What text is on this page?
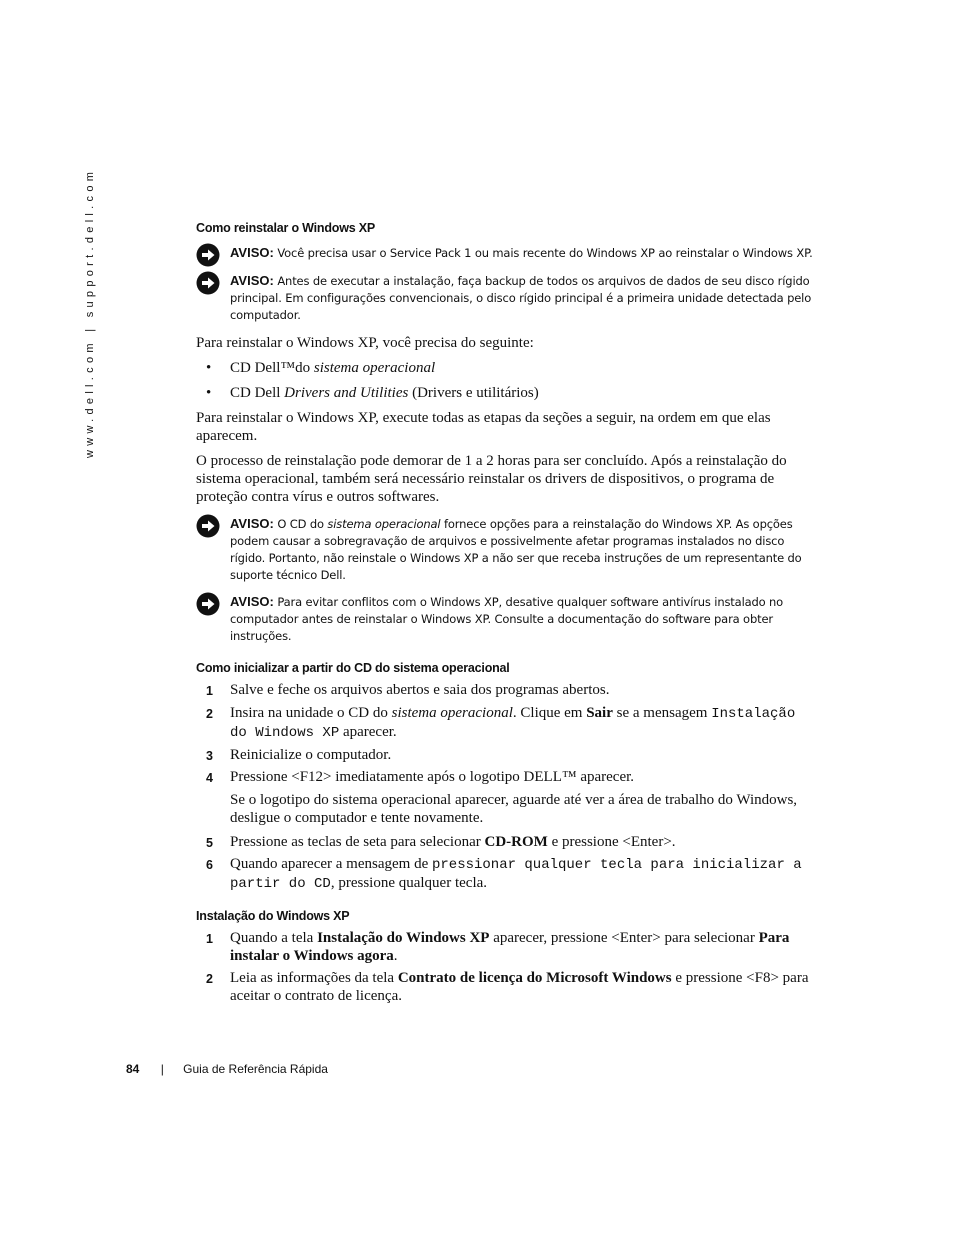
www.dell.com | support.dell.com	Como reinstalar o Windows XP
AVISO: Você precisa usar o Service Pack 1 ou mais recente do Windows XP ao reinstalar o Windows XP.
AVISO: Antes de executar a instalação, faça backup de todos os arquivos de dados de seu disco rígido principal. Em configurações convencionais, o disco rígido principal é a primeira unidade detectada pelo computador.

Para reinstalar o Windows XP, você precisa do seguinte:

• CD Dell™do sistema operacional
• CD Dell Drivers and Utilities (Drivers e utilitários)

Para reinstalar o Windows XP, execute todas as etapas da seções a seguir, na ordem em que elas aparecem.

O processo de reinstalação pode demorar de 1 a 2 horas para ser concluído. Após a reinstalação do sistema operacional, também será necessário reinstalar os drivers de dispositivos, o programa de proteção contra vírus e outros softwares.

AVISO: O CD do sistema operacional fornece opções para a reinstalação do Windows XP. As opções podem causar a sobregravação de arquivos e possivelmente afetar programas instalados no disco rígido. Portanto, não reinstale o Windows XP a não ser que receba instruções de um representante do suporte técnico Dell.
AVISO: Para evitar conflitos com o Windows XP, desative qualquer software antivírus instalado no computador antes de reinstalar o Windows XP. Consulte a documentação do software para obter instruções.
Como inicializar a partir do CD do sistema operacional
1 Salve e feche os arquivos abertos e saia dos programas abertos.
2 Insira na unidade o CD do sistema operacional. Clique em Sair se a mensagem Instalação do Windows XP aparecer.
3 Reinicialize o computador.
4 Pressione <F12> imediatamente após o logotipo DELL™ aparecer.
Se o logotipo do sistema operacional aparecer, aguarde até ver a área de trabalho do Windows, desligue o computador e tente novamente.
5 Pressione as teclas de seta para selecionar CD-ROM e pressione <Enter>.
6 Quando aparecer a mensagem de pressionar qualquer tecla para inicializar a partir do CD, pressione qualquer tecla.
Instalação do Windows XP
1 Quando a tela Instalação do Windows XP aparecer, pressione <Enter> para selecionar Para instalar o Windows agora.
2 Leia as informações da tela Contrato de licença do Microsoft Windows e pressione <F8> para aceitar o contrato de licença.
84 | Guia de Referência Rápida
